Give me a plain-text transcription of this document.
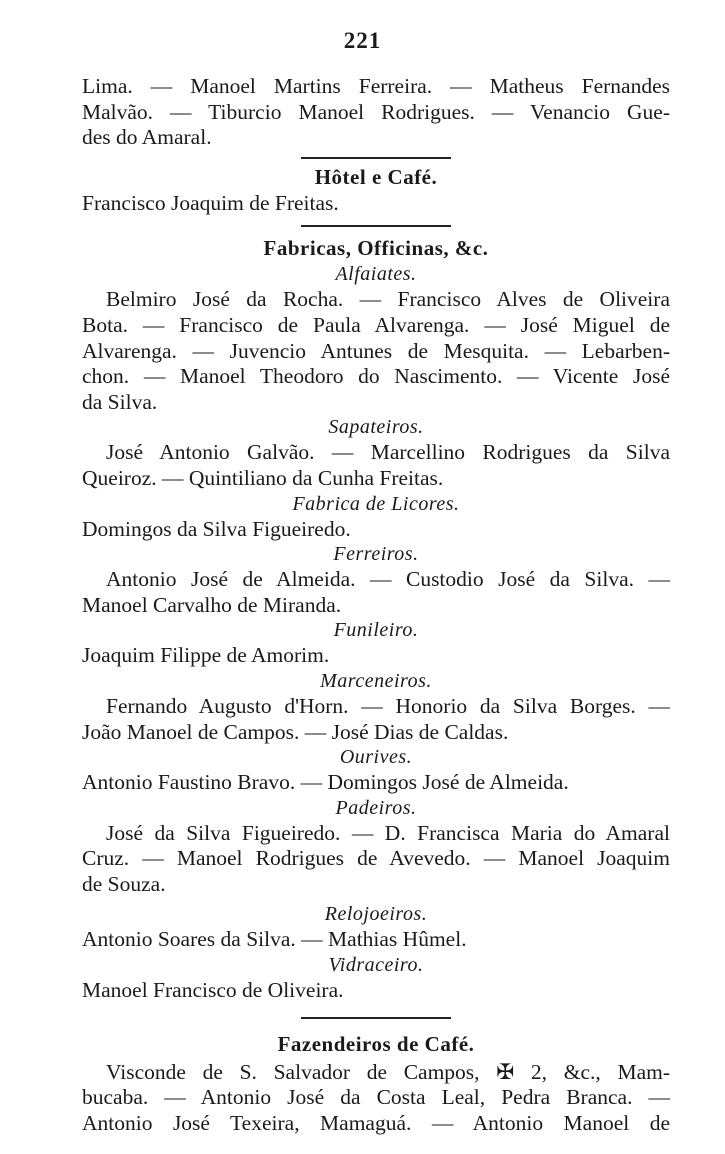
221
Lima. — Manoel Martins Ferreira. — Matheus Fernandes
Malvão. — Tiburcio Manoel Rodrigues. — Venancio Gue-
des do Amaral.
Hôtel e Café.
Francisco Joaquim de Freitas.
Fabricas, Officinas, &c.
Alfaiates.
Belmiro José da Rocha. — Francisco Alves de Oliveira
Bota. — Francisco de Paula Alvarenga. — José Miguel de
Alvarenga. — Juvencio Antunes de Mesquita. — Lebarben-
chon. — Manoel Theodoro do Nascimento. — Vicente José
da Silva.
Sapateiros.
José Antonio Galvão. — Marcellino Rodrigues da Silva
Queiroz. — Quintiliano da Cunha Freitas.
Fabrica de Licores.
Domingos da Silva Figueiredo.
Ferreiros.
Antonio José de Almeida. — Custodio José da Silva. —
Manoel Carvalho de Miranda.
Funileiro.
Joaquim Filippe de Amorim.
Marceneiros.
Fernando Augusto d'Horn. — Honorio da Silva Borges. —
João Manoel de Campos. — José Dias de Caldas.
Ourives.
Antonio Faustino Bravo. — Domingos José de Almeida.
Padeiros.
José da Silva Figueiredo. — D. Francisca Maria do Amaral
Cruz. — Manoel Rodrigues de Avevedo. — Manoel Joaquim
de Souza.
Relojoeiros.
Antonio Soares da Silva. — Mathias Hûmel.
Vidraceiro.
Manoel Francisco de Oliveira.
Fazendeiros de Café.
Visconde de S. Salvador de Campos, ✠ 2, &c., Mam-
bucaba. — Antonio José da Costa Leal, Pedra Branca. —
Antonio José Texeira, Mamaguá. — Antonio Manoel de
